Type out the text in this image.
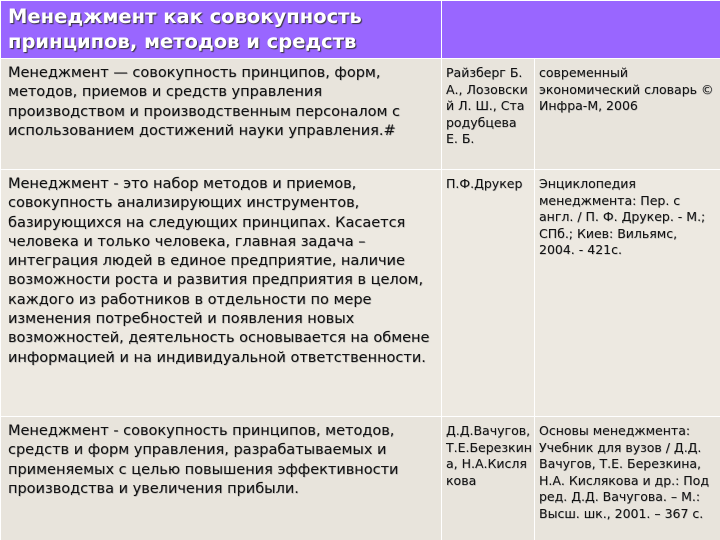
Менеджмент как совокупность принципов, методов и средств		
Менеджмент — совокупность принципов, форм, методов, приемов и средств управления производством и производственным персоналом с использованием достижений науки управления.#	Райзберг Б. А., Лозовский Л. Ш., Стародубцева Е. Б.	современный экономический словарь © Инфра-М, 2006
Менеджмент - это набор методов и приемов, совокупность анализирующих инструментов, базирующихся на следующих принципах. Касается человека и только человека, главная задача – интеграция людей в единое предприятие, наличие возможности роста и развития предприятия в целом, каждого из работников в отдельности по мере изменения потребностей и появления новых возможностей, деятельность основывается на обмене информацией и на индивидуальной ответственности.	П.Ф.Друкер	Энциклопедия менеджмента: Пер. с англ. / П. Ф. Друкер. - М.; СПб.; Киев: Вильямс, 2004. - 421с.
Менеджмент - совокупность принципов, методов, средств и форм управления, разрабатываемых и применяемых с целью повышения эффективности производства и увеличения прибыли.	Д.Д.Вачугов, Т.Е.Березкина, Н.А.Кислякова	Основы менеджмента: Учебник для вузов / Д.Д. Вачугов, Т.Е. Березкина, Н.А. Кислякова и др.: Под ред. Д.Д. Вачугова. – М.: Высш. шк., 2001. – 367 с.
